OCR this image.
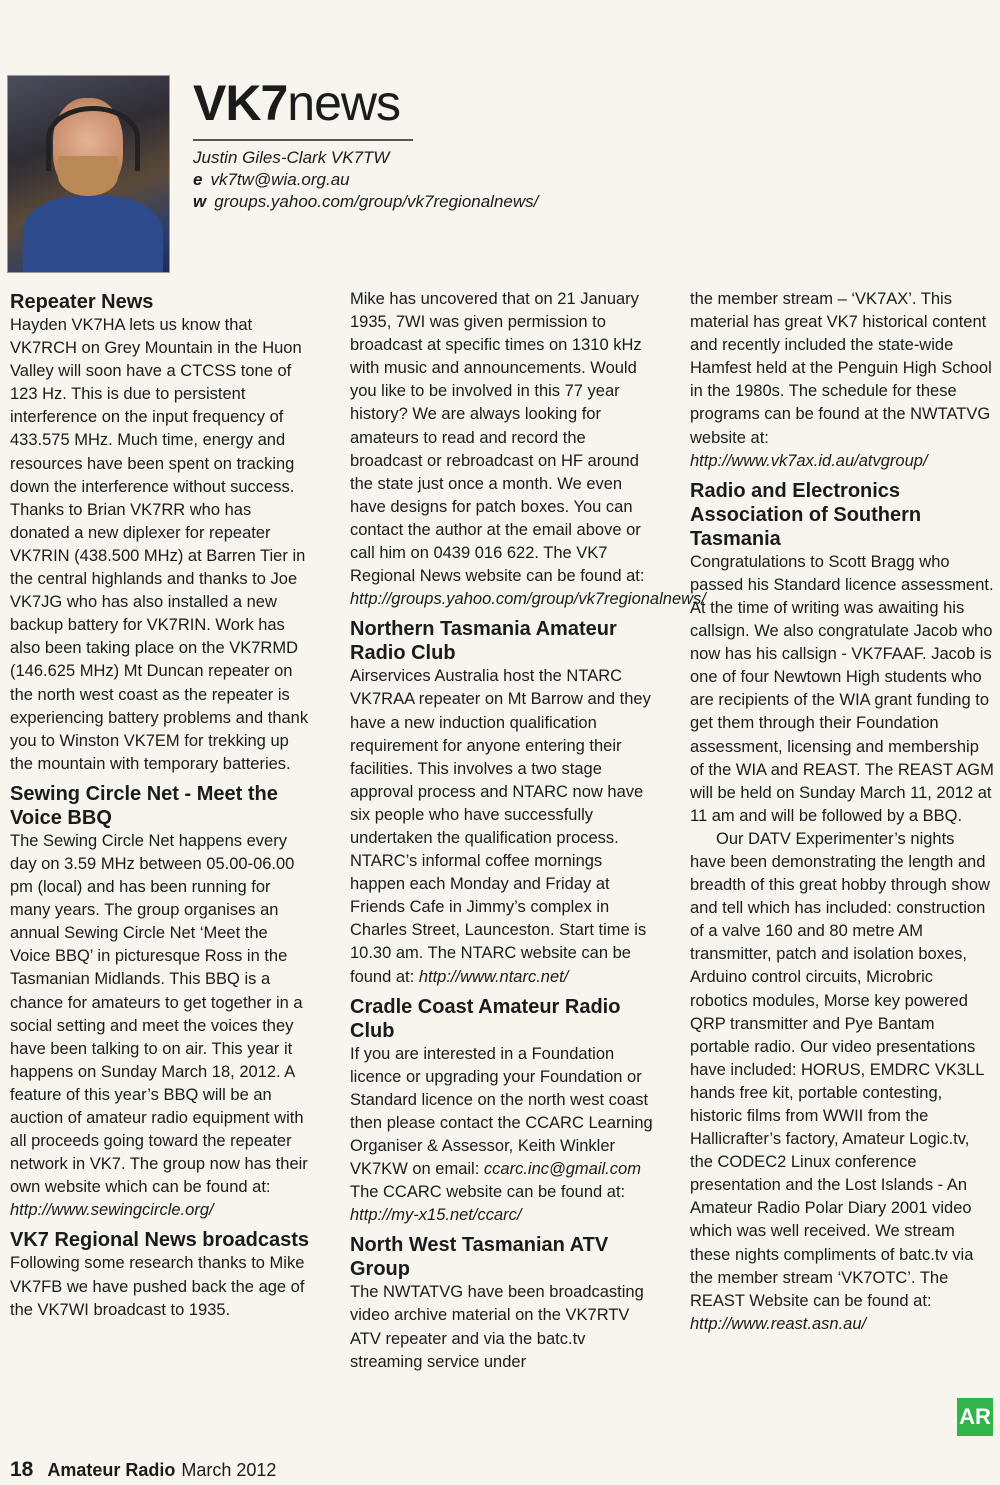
VK7news
Justin Giles-Clark VK7TW
e vk7tw@wia.org.au
w groups.yahoo.com/group/vk7regionalnews/
Repeater News

Hayden VK7HA lets us know that VK7RCH on Grey Mountain in the Huon Valley will soon have a CTCSS tone of 123 Hz. This is due to persistent interference on the input frequency of 433.575 MHz. Much time, energy and resources have been spent on tracking down the interference without success. Thanks to Brian VK7RR who has donated a new diplexer for repeater VK7RIN (438.500 MHz) at Barren Tier in the central highlands and thanks to Joe VK7JG who has also installed a new backup battery for VK7RIN. Work has also been taking place on the VK7RMD (146.625 MHz) Mt Duncan repeater on the north west coast as the repeater is experiencing battery problems and thank you to Winston VK7EM for trekking up the mountain with temporary batteries.

Sewing Circle Net - Meet the Voice BBQ

The Sewing Circle Net happens every day on 3.59 MHz between 05.00-06.00 pm (local) and has been running for many years. The group organises an annual Sewing Circle Net ‘Meet the Voice BBQ’ in picturesque Ross in the Tasmanian Midlands. This BBQ is a chance for amateurs to get together in a social setting and meet the voices they have been talking to on air. This year it happens on Sunday March 18, 2012. A feature of this year’s BBQ will be an auction of amateur radio equipment with all proceeds going toward the repeater network in VK7. The group now has their own website which can be found at: http://www.sewingcircle.org/

VK7 Regional News broadcasts

Following some research thanks to Mike VK7FB we have pushed back the age of the VK7WI broadcast to 1935.

Mike has uncovered that on 21 January 1935, 7WI was given permission to broadcast at specific times on 1310 kHz with music and announcements. Would you like to be involved in this 77 year history? We are always looking for amateurs to read and record the broadcast or rebroadcast on HF around the state just once a month. We even have designs for patch boxes. You can contact the author at the email above or call him on 0439 016 622. The VK7 Regional News website can be found at: http://groups.yahoo.com/group/vk7regionalnews/

Northern Tasmania Amateur Radio Club

Airservices Australia host the NTARC VK7RAA repeater on Mt Barrow and they have a new induction qualification requirement for anyone entering their facilities. This involves a two stage approval process and NTARC now have six people who have successfully undertaken the qualification process. NTARC’s informal coffee mornings happen each Monday and Friday at Friends Cafe in Jimmy’s complex in Charles Street, Launceston. Start time is 10.30 am. The NTARC website can be found at: http://www.ntarc.net/

Cradle Coast Amateur Radio Club

If you are interested in a Foundation licence or upgrading your Foundation or Standard licence on the north west coast then please contact the CCARC Learning Organiser & Assessor, Keith Winkler VK7KW on email: ccarc.inc@gmail.com  The CCARC website can be found at: http://my-x15.net/ccarc/

North West Tasmanian ATV Group

The NWTATVG have been broadcasting video archive material on the VK7RTV ATV repeater and via the batc.tv streaming service under

the member stream – ‘VK7AX’. This material has great VK7 historical content and recently included the state-wide Hamfest held at the Penguin High School in the 1980s. The schedule for these programs can be found at the NWTATVG website at: http://www.vk7ax.id.au/atvgroup/

Radio and Electronics Association of Southern Tasmania

Congratulations to Scott Bragg who passed his Standard licence assessment. At the time of writing was awaiting his callsign. We also congratulate Jacob who now has his callsign - VK7FAAF. Jacob is one of four Newtown High students who are recipients of the WIA grant funding to get them through their Foundation assessment, licensing and membership of the WIA and REAST. The REAST AGM will be held on Sunday March 11, 2012 at 11 am and will be followed by a BBQ.

Our DATV Experimenter’s nights have been demonstrating the length and breadth of this great hobby through show and tell which has included: construction of a valve 160 and 80 metre AM transmitter, patch and isolation boxes, Arduino control circuits, Microbric robotics modules, Morse key powered QRP transmitter and Pye Bantam portable radio. Our video presentations have included: HORUS, EMDRC VK3LL hands free kit, portable contesting, historic films from WWII from the Hallicrafter’s factory, Amateur Logic.tv, the CODEC2 Linux conference presentation and the Lost Islands - An Amateur Radio Polar Diary 2001 video which was well received. We stream these nights compliments of batc.tv via the member stream ‘VK7OTC’. The REAST Website can be found at: http://www.reast.asn.au/

AR
18 Amateur Radio March 2012
